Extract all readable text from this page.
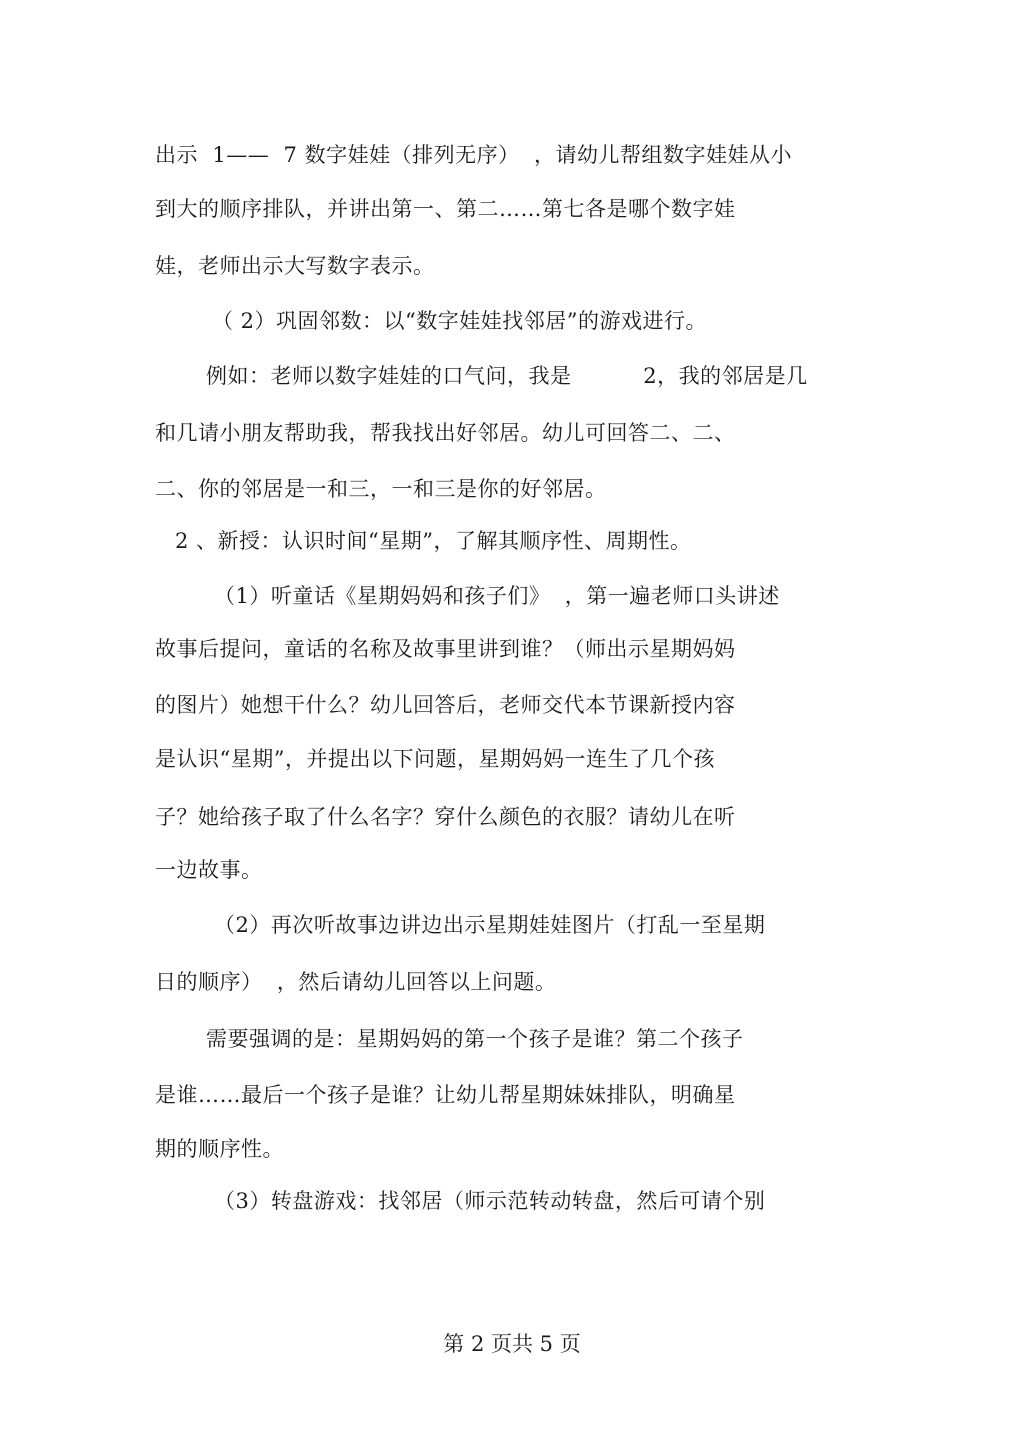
出示  1——  7 数字娃娃（排列无序）  ，请幼儿帮组数字娃娃从小
到大的顺序排队，并讲出第一、第二……第七各是哪个数字娃
娃，老师出示大写数字表示。
（ 2）巩固邻数：以“数字娃娃找邻居”的游戏进行。
例如：老师以数字娃娃的口气问，我是          2，我的邻居是几
和几请小朋友帮助我，帮我找出好邻居。幼儿可回答二、二、
二、你的邻居是一和三，一和三是你的好邻居。
2 、新授：认识时间“星期”，了解其顺序性、周期性。
（1）听童话《星期妈妈和孩子们》  ，第一遍老师口头讲述
故事后提问，童话的名称及故事里讲到谁？（师出示星期妈妈
的图片）她想干什么？幼儿回答后，老师交代本节课新授内容
是认识“星期”，并提出以下问题，星期妈妈一连生了几个孩
子？她给孩子取了什么名字？穿什么颜色的衣服？请幼儿在听
一边故事。
（2）再次听故事边讲边出示星期娃娃图片（打乱一至星期
日的顺序）  ，然后请幼儿回答以上问题。
需要强调的是：星期妈妈的第一个孩子是谁？第二个孩子
是谁……最后一个孩子是谁？让幼儿帮星期妹妹排队，明确星
期的顺序性。
（3）转盘游戏：找邻居（师示范转动转盘，然后可请个别
第 2 页共 5 页
